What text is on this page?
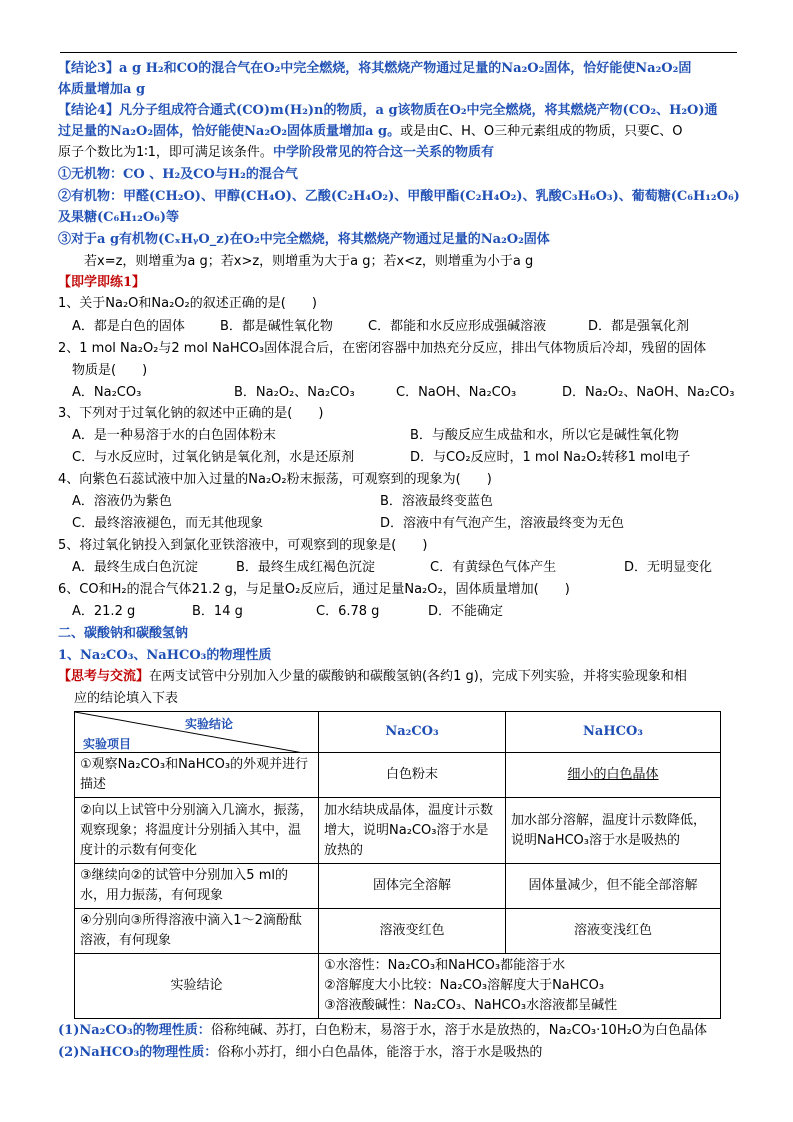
【结论3】a g H₂和CO的混合气在O₂中完全燃烧，将其燃烧产物通过足量的Na₂O₂固体，恰好能使Na₂O₂固
体质量增加a g
【结论4】凡分子组成符合通式(CO)m(H₂)n的物质，a g该物质在O₂中完全燃烧，将其燃烧产物(CO₂、H₂O)通
过足量的Na₂O₂固体，恰好能使Na₂O₂固体质量增加a g。或是由C、H、O三种元素组成的物质，只要C、O
原子个数比为1∶1，即可满足该条件。中学阶段常见的符合这一关系的物质有
①无机物：CO 、H₂及CO与H₂的混合气
②有机物：甲醛(CH₂O)、甲醇(CH₄O)、乙酸(C₂H₄O₂)、甲酸甲酯(C₂H₄O₂)、乳酸C₃H₆O₃)、葡萄糖(C₆H₁₂O₆)
及果糖(C₆H₁₂O₆)等
③对于a g有机物(CₓHᵧO_z)在O₂中完全燃烧，将其燃烧产物通过足量的Na₂O₂固体
若x=z，则增重为a g；若x>z，则增重为大于a g；若x<z，则增重为小于a g
【即学即练1】
1、关于Na₂O和Na₂O₂的叙述正确的是(　　)
A．都是白色的固体	B．都是碱性氧化物	C．都能和水反应形成强碱溶液	D．都是强氧化剂
2、1 mol Na₂O₂与2 mol NaHCO₃固体混合后，在密闭容器中加热充分反应，排出气体物质后冷却，残留的固体
物质是(　　)
A．Na₂CO₃	B．Na₂O₂、Na₂CO₃	C．NaOH、Na₂CO₃	D．Na₂O₂、NaOH、Na₂CO₃
3、下列对于过氧化钠的叙述中正确的是(　　)
A．是一种易溶于水的白色固体粉末	B．与酸反应生成盐和水，所以它是碱性氧化物
C．与水反应时，过氧化钠是氧化剂，水是还原剂	D．与CO₂反应时，1 mol Na₂O₂转移1 mol电子
4、向紫色石蕊试液中加入过量的Na₂O₂粉末振荡，可观察到的现象为(　　)
A．溶液仍为紫色	B．溶液最终变蓝色
C．最终溶液褪色，而无其他现象	D．溶液中有气泡产生，溶液最终变为无色
5、将过氧化钠投入到氯化亚铁溶液中，可观察到的现象是(　　)
A．最终生成白色沉淀	B．最终生成红褐色沉淀	C．有黄绿色气体产生	D．无明显变化
6、CO和H₂的混合气体21.2 g，与足量O₂反应后，通过足量Na₂O₂，固体质量增加(　　)
A．21.2 g	B．14 g	C．6.78 g	D．不能确定
二、碳酸钠和碳酸氢钠
1、Na₂CO₃、NaHCO₃的物理性质
【思考与交流】在两支试管中分别加入少量的碳酸钠和碳酸氢钠(各约1 g)，完成下列实验，并将实验现象和相
应的结论填入下表
实验结论
实验项目	Na₂CO₃	NaHCO₃
①观察Na₂CO₃和NaHCO₃的外观并进行描述	白色粉末	细小的白色晶体
②向以上试管中分别滴入几滴水，振荡，观察现象；将温度计分别插入其中，温度计的示数有何变化	加水结块成晶体，温度计示数增大，说明Na₂CO₃溶于水是放热的	加水部分溶解，温度计示数降低，说明NaHCO₃溶于水是吸热的
③继续向②的试管中分别加入5 ml的水，用力振荡，有何现象	固体完全溶解	固体量减少，但不能全部溶解
④分别向③所得溶液中滴入1～2滴酚酞溶液，有何现象	溶液变红色	溶液变浅红色
实验结论	①水溶性：Na₂CO₃和NaHCO₃都能溶于水
②溶解度大小比较：Na₂CO₃溶解度大于NaHCO₃
③溶液酸碱性：Na₂CO₃、NaHCO₃水溶液都呈碱性	
(1)Na₂CO₃的物理性质：俗称纯碱、苏打，白色粉末，易溶于水，溶于水是放热的，Na₂CO₃·10H₂O为白色晶体
(2)NaHCO₃的物理性质：俗称小苏打，细小白色晶体，能溶于水，溶于水是吸热的
